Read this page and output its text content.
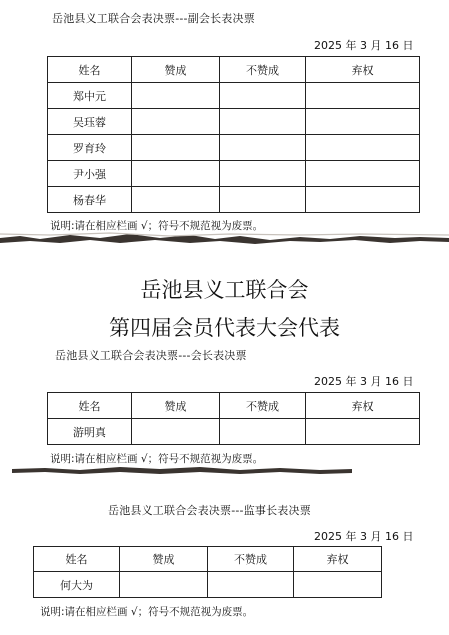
岳池县义工联合会表决票---副会长表决票
2025 年 3 月 16 日
姓名	赞成	不赞成	弃权
郑中元			
吴珏蓉			
罗育玲			
尹小强			
杨春华			
说明:请在相应栏画 √；符号不规范视为废票。
岳池县义工联合会
第四届会员代表大会代表
岳池县义工联合会表决票---会长表决票
2025 年 3 月 16 日
姓名	赞成	不赞成	弃权
游明真			
说明:请在相应栏画 √；符号不规范视为废票。
岳池县义工联合会表决票---监事长表决票
2025 年 3 月 16 日
姓名	赞成	不赞成	弃权
何大为			
说明:请在相应栏画 √；符号不规范视为废票。
